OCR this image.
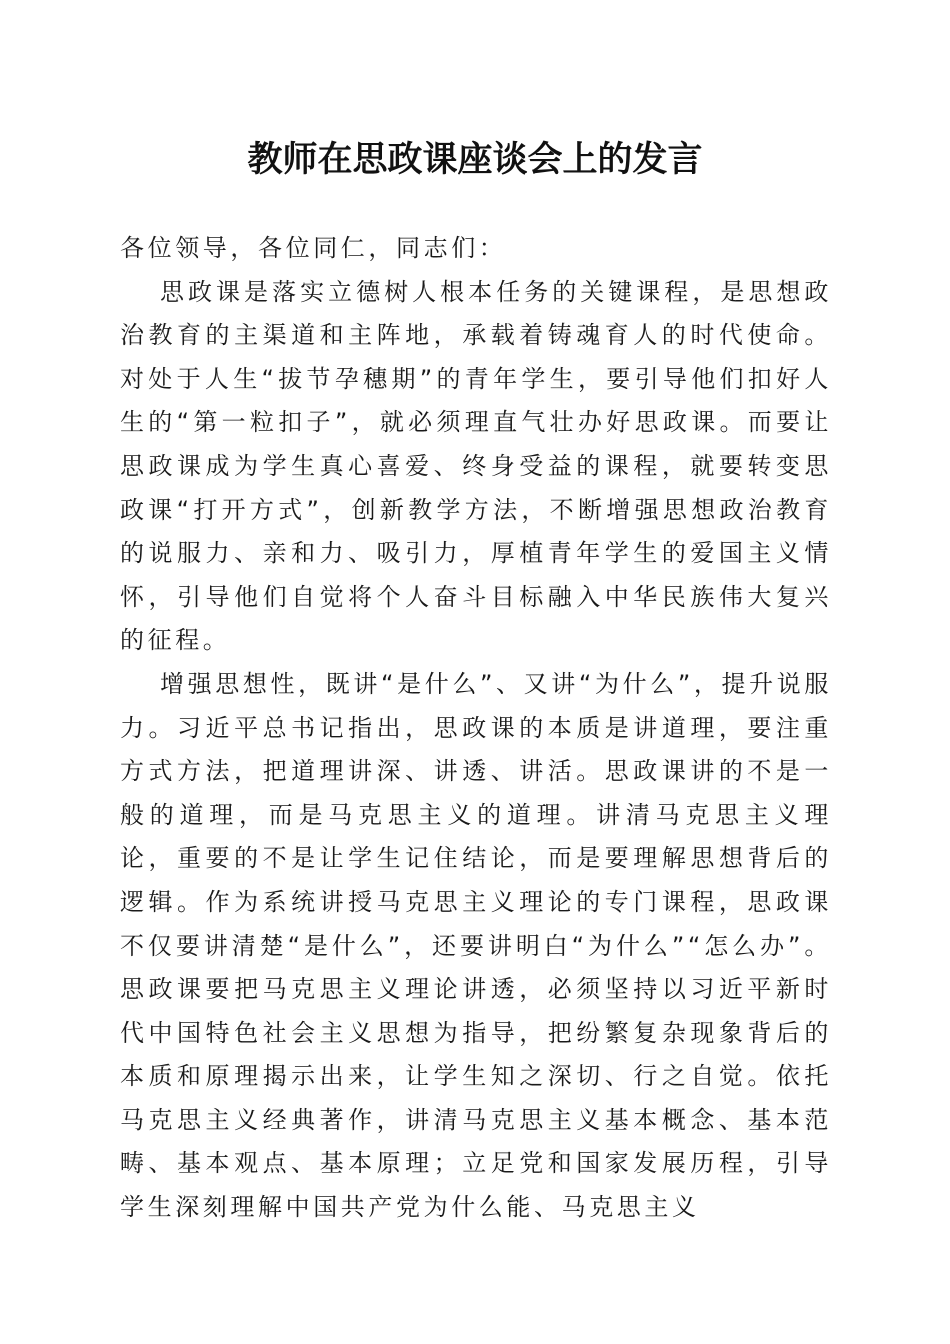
教师在思政课座谈会上的发言

各位领导，各位同仁，同志们：

思政课是落实立德树人根本任务的关键课程，是思想政治教育的主渠道和主阵地，承载着铸魂育人的时代使命。对处于人生“拔节孕穗期”的青年学生，要引导他们扣好人生的“第一粒扣子”，就必须理直气壮办好思政课。而要让思政课成为学生真心喜爱、终身受益的课程，就要转变思政课“打开方式”，创新教学方法，不断增强思想政治教育的说服力、亲和力、吸引力，厚植青年学生的爱国主义情怀，引导他们自觉将个人奋斗目标融入中华民族伟大复兴的征程。

增强思想性，既讲“是什么”、又讲“为什么”，提升说服力。习近平总书记指出，思政课的本质是讲道理，要注重方式方法，把道理讲深、讲透、讲活。思政课讲的不是一般的道理，而是马克思主义的道理。讲清马克思主义理论，重要的不是让学生记住结论，而是要理解思想背后的逻辑。作为系统讲授马克思主义理论的专门课程，思政课不仅要讲清楚“是什么”，还要讲明白“为什么”“怎么办”。思政课要把马克思主义理论讲透，必须坚持以习近平新时代中国特色社会主义思想为指导，把纷繁复杂现象背后的本质和原理揭示出来，让学生知之深切、行之自觉。依托马克思主义经典著作，讲清马克思主义基本概念、基本范畴、基本观点、基本原理；立足党和国家发展历程，引导学生深刻理解中国共产党为什么能、马克思主义
